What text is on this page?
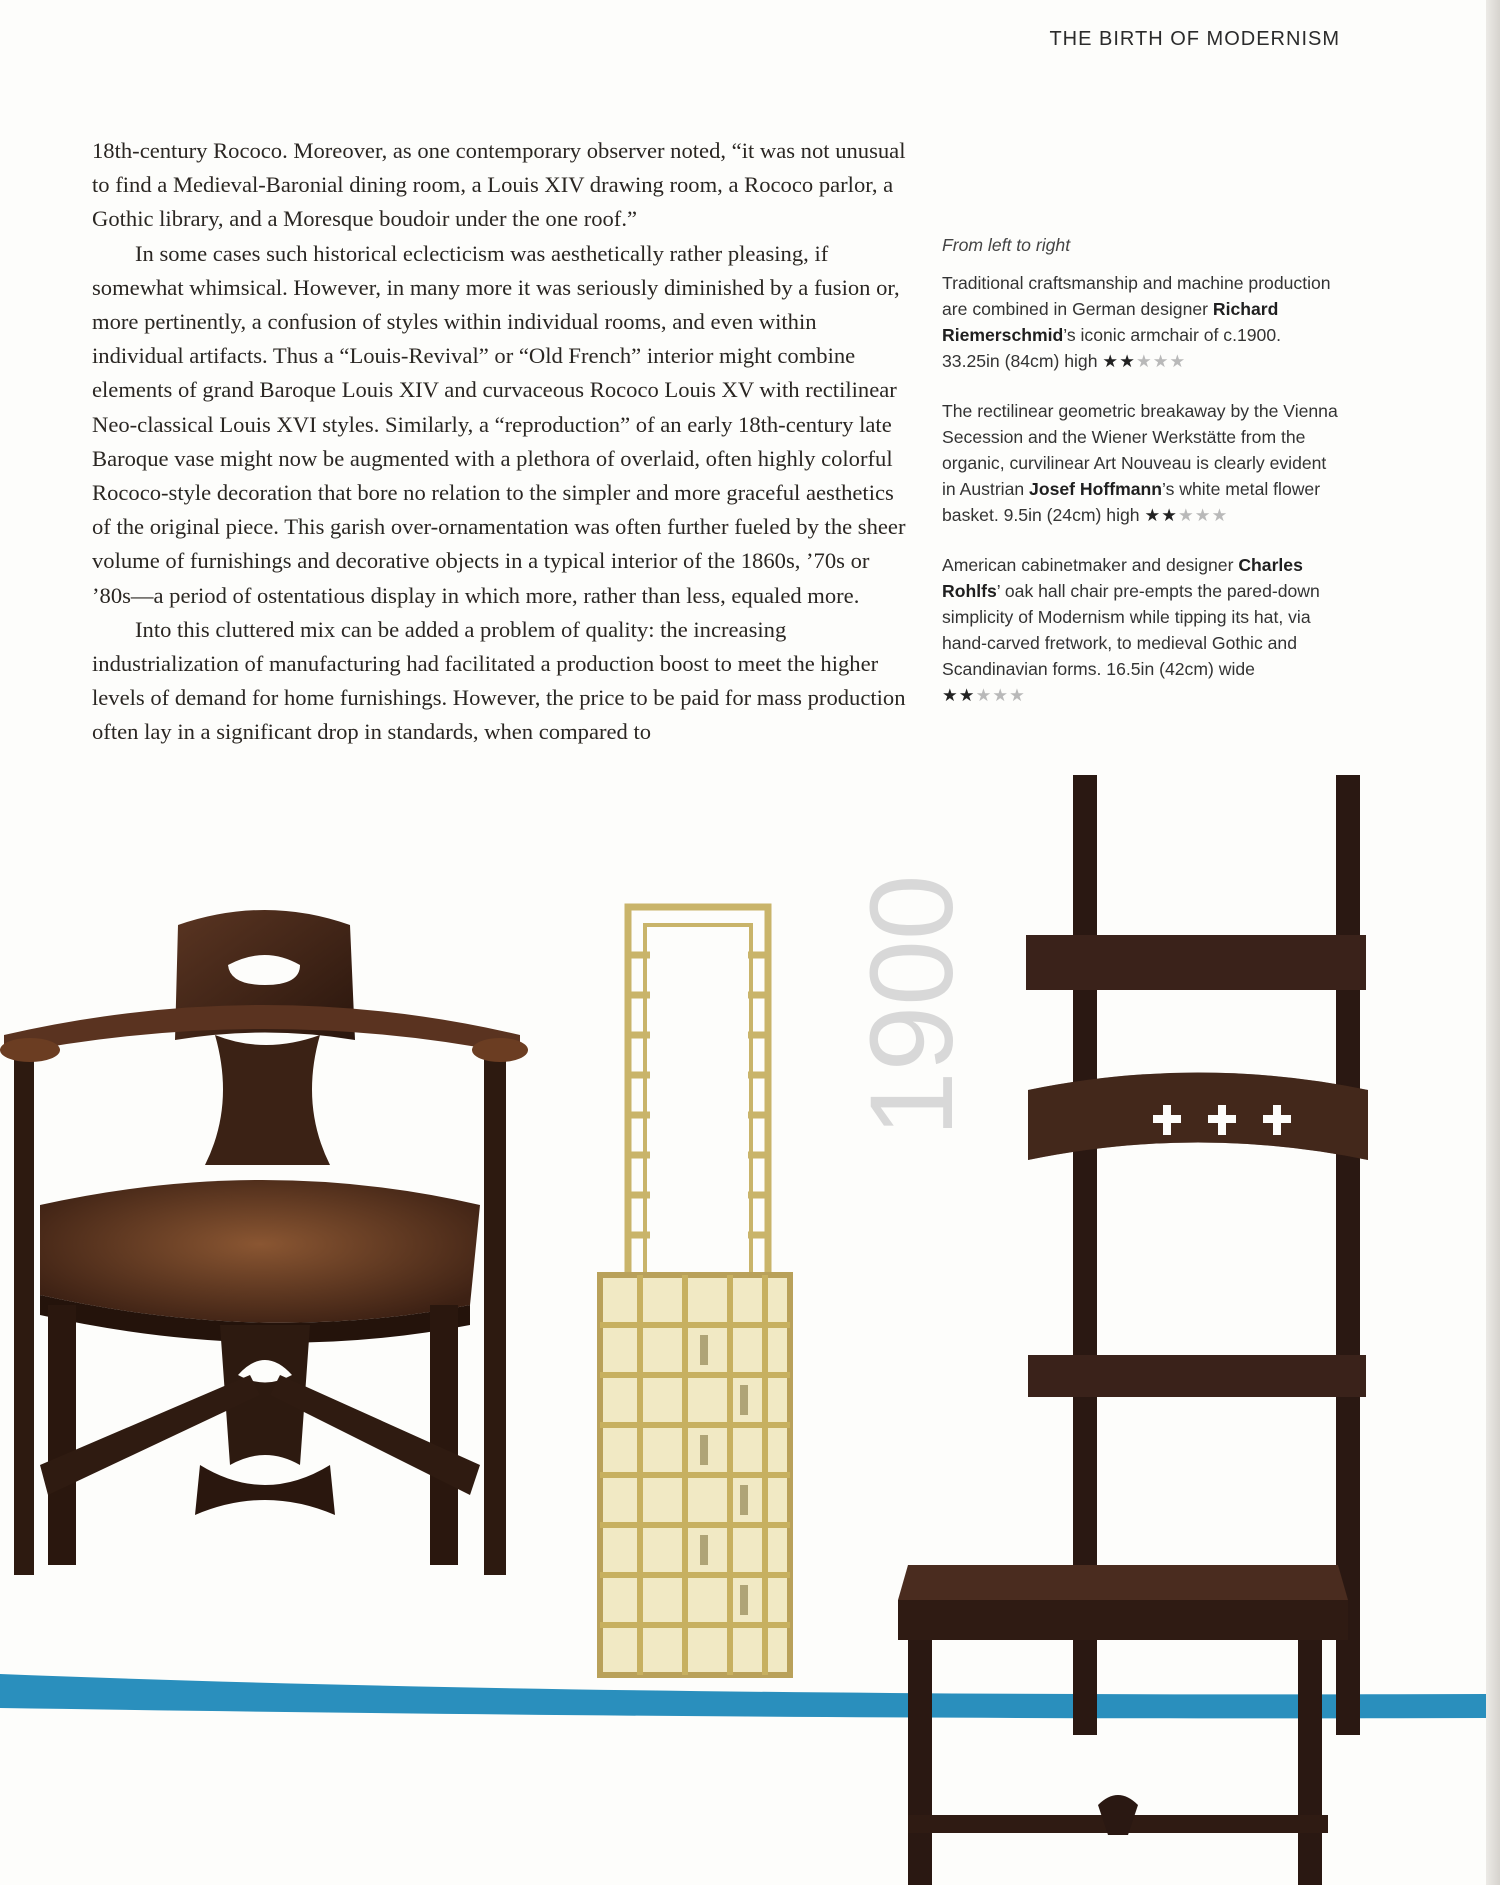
THE BIRTH OF MODERNISM

18th-century Rococo. Moreover, as one contemporary observer noted, “it was not unusual to find a Medieval-Baronial dining room, a Louis XIV drawing room, a Rococo parlor, a Gothic library, and a Moresque boudoir under the one roof.”

In some cases such historical eclecticism was aesthetically rather pleasing, if somewhat whimsical. However, in many more it was seriously diminished by a fusion or, more pertinently, a confusion of styles within individual rooms, and even within individual artifacts. Thus a “Louis-Revival” or “Old French” interior might combine elements of grand Baroque Louis XIV and curvaceous Rococo Louis XV with rectilinear Neo-classical Louis XVI styles. Similarly, a “reproduction” of an early 18th-century late Baroque vase might now be augmented with a plethora of overlaid, often highly colorful Rococo-style decoration that bore no relation to the simpler and more graceful aesthetics of the original piece. This garish over-ornamentation was often further fueled by the sheer volume of furnishings and decorative objects in a typical interior of the 1860s, ’70s or ’80s—a period of ostentatious display in which more, rather than less, equaled more.

Into this cluttered mix can be added a problem of quality: the increasing industrialization of manufacturing had facilitated a production boost to meet the higher levels of demand for home furnishings. However, the price to be paid for mass production often lay in a significant drop in standards, when compared to

From left to right

Traditional craftsmanship and machine production are combined in German designer Richard Riemerschmid’s iconic armchair of c.1900. 33.25in (84cm) high ★★★★★

The rectilinear geometric breakaway by the Vienna Secession and the Wiener Werkstätte from the organic, curvilinear Art Nouveau is clearly evident in Austrian Josef Hoffmann’s white metal flower basket. 9.5in (24cm) high ★★★★★

American cabinetmaker and designer Charles Rohlfs’ oak hall chair pre-empts the pared-down simplicity of Modernism while tipping its hat, via hand-carved fretwork, to medieval Gothic and Scandinavian forms. 16.5in (42cm) wide ★★★★★

1900
